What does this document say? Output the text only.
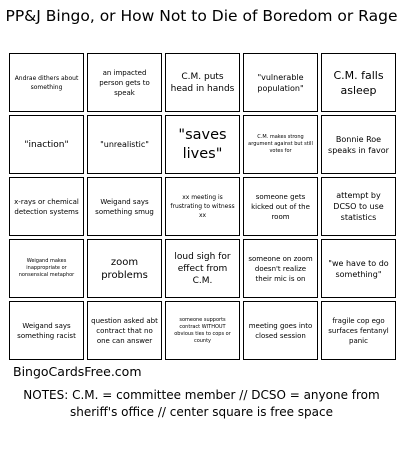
PP&J Bingo, or How Not to Die of Boredom or Rage
Andrae dithers about something
an impacted person gets to speak
C.M. puts head in hands
"vulnerable population"
C.M. falls asleep
"inaction"	"unrealistic"
"saves lives"
C.M. makes strong argument against but still votes for
Bonnie Roe speaks in favor
x-rays or chemical detection systems
Weigand says something smug
xx meeting is frustrating to witness xx
someone gets kicked out of the room
attempt by DCSO to use statistics
Weigand makes inappropriate or nonsensical metaphor
zoom problems
loud sigh for effect from C.M.
someone on zoom doesn't realize their mic is on
"we have to do something"
Weigand says something racist
question asked abt contract that no one can answer
someone supports contract WITHOUT obvious ties to cops or county
meeting goes into closed session
fragile cop ego surfaces fentanyl panic
BingoCardsFree.com
NOTES: C.M. = committee member // DCSO = anyone from sheriff's office // center square is free space
